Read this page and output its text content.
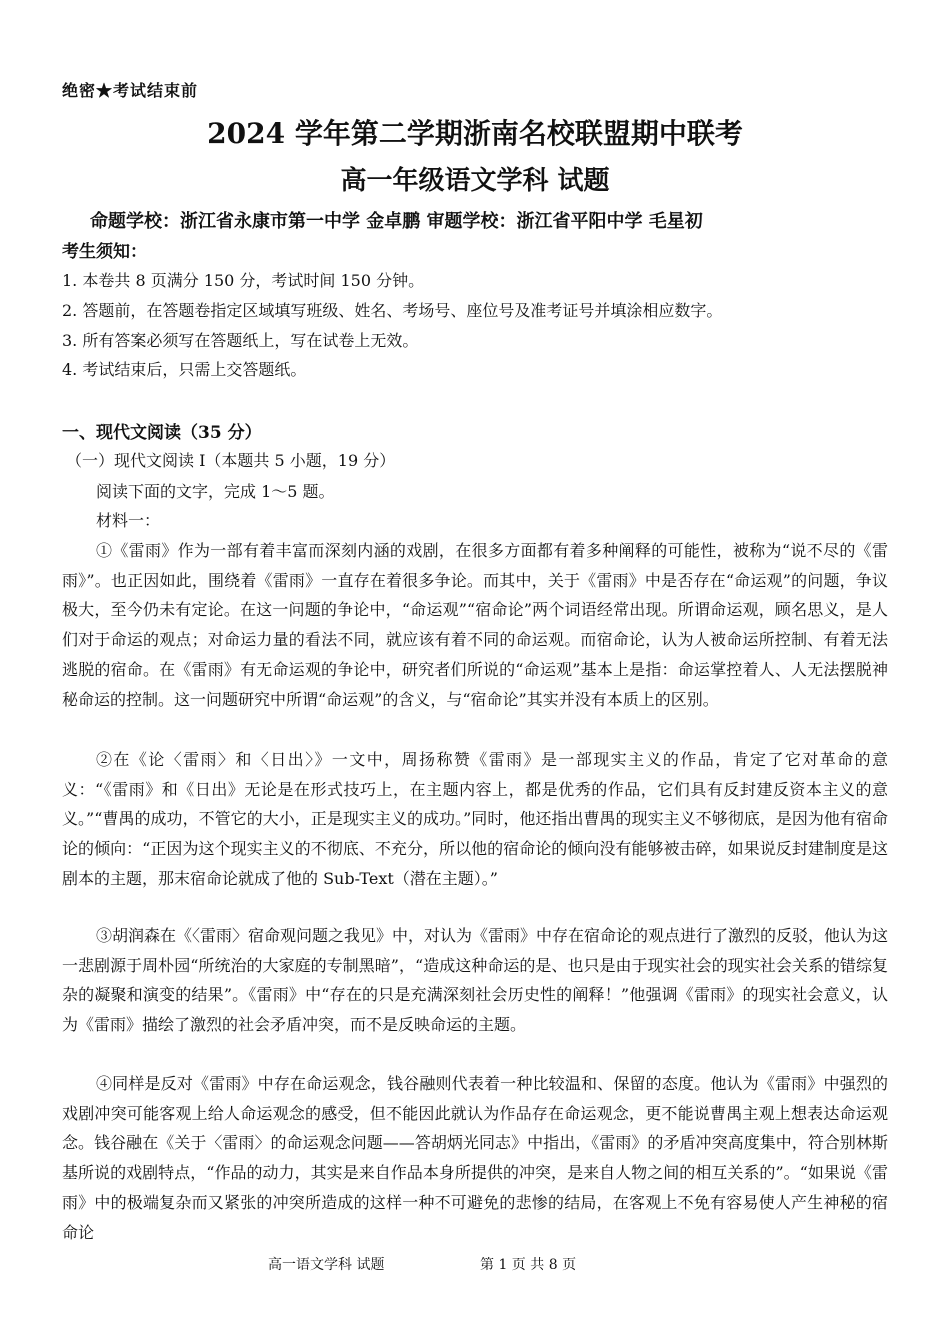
绝密★考试结束前
2024 学年第二学期浙南名校联盟期中联考
高一年级语文学科 试题
命题学校：浙江省永康市第一中学 金卓鹏 审题学校：浙江省平阳中学 毛星初
考生须知：
1. 本卷共 8 页满分 150 分，考试时间 150 分钟。
2. 答题前，在答题卷指定区域填写班级、姓名、考场号、座位号及准考证号并填涂相应数字。
3. 所有答案必须写在答题纸上，写在试卷上无效。
4. 考试结束后，只需上交答题纸。
一、现代文阅读（35 分）
（一）现代文阅读 I（本题共 5 小题，19 分）
阅读下面的文字，完成 1～5 题。
材料一：
①《雷雨》作为一部有着丰富而深刻内涵的戏剧，在很多方面都有着多种阐释的可能性，被称为“说不尽的《雷雨》”。也正因如此，围绕着《雷雨》一直存在着很多争论。而其中，关于《雷雨》中是否存在“命运观”的问题，争议极大，至今仍未有定论。在这一问题的争论中，“命运观”“宿命论”两个词语经常出现。所谓命运观，顾名思义，是人们对于命运的观点；对命运力量的看法不同，就应该有着不同的命运观。而宿命论，认为人被命运所控制、有着无法逃脱的宿命。在《雷雨》有无命运观的争论中，研究者们所说的“命运观”基本上是指：命运掌控着人、人无法摆脱神秘命运的控制。这一问题研究中所谓“命运观”的含义，与“宿命论”其实并没有本质上的区别。
②在《论〈雷雨〉和〈日出〉》一文中，周扬称赞《雷雨》是一部现实主义的作品，肯定了它对革命的意义：“《雷雨》和《日出》无论是在形式技巧上，在主题内容上，都是优秀的作品，它们具有反封建反资本主义的意义。”“曹禺的成功，不管它的大小，正是现实主义的成功。”同时，他还指出曹禺的现实主义不够彻底，是因为他有宿命论的倾向：“正因为这个现实主义的不彻底、不充分，所以他的宿命论的倾向没有能够被击碎，如果说反封建制度是这剧本的主题，那末宿命论就成了他的 Sub-Text（潜在主题）。”
③胡润森在《〈雷雨〉宿命观问题之我见》中，对认为《雷雨》中存在宿命论的观点进行了激烈的反驳，他认为这一悲剧源于周朴园“所统治的大家庭的专制黑暗”，“造成这种命运的是、也只是由于现实社会的现实社会关系的错综复杂的凝聚和演变的结果”。《雷雨》中“存在的只是充满深刻社会历史性的阐释！”他强调《雷雨》的现实社会意义，认为《雷雨》描绘了激烈的社会矛盾冲突，而不是反映命运的主题。
④同样是反对《雷雨》中存在命运观念，钱谷融则代表着一种比较温和、保留的态度。他认为《雷雨》中强烈的戏剧冲突可能客观上给人命运观念的感受，但不能因此就认为作品存在命运观念，更不能说曹禺主观上想表达命运观念。钱谷融在《关于〈雷雨〉的命运观念问题——答胡炳光同志》中指出，《雷雨》的矛盾冲突高度集中，符合别林斯基所说的戏剧特点，“作品的动力，其实是来自作品本身所提供的冲突，是来自人物之间的相互关系的”。“如果说《雷雨》中的极端复杂而又紧张的冲突所造成的这样一种不可避免的悲惨的结局，在客观上不免有容易使人产生神秘的宿命论
高一语文学科 试题	第 1 页 共 8 页
